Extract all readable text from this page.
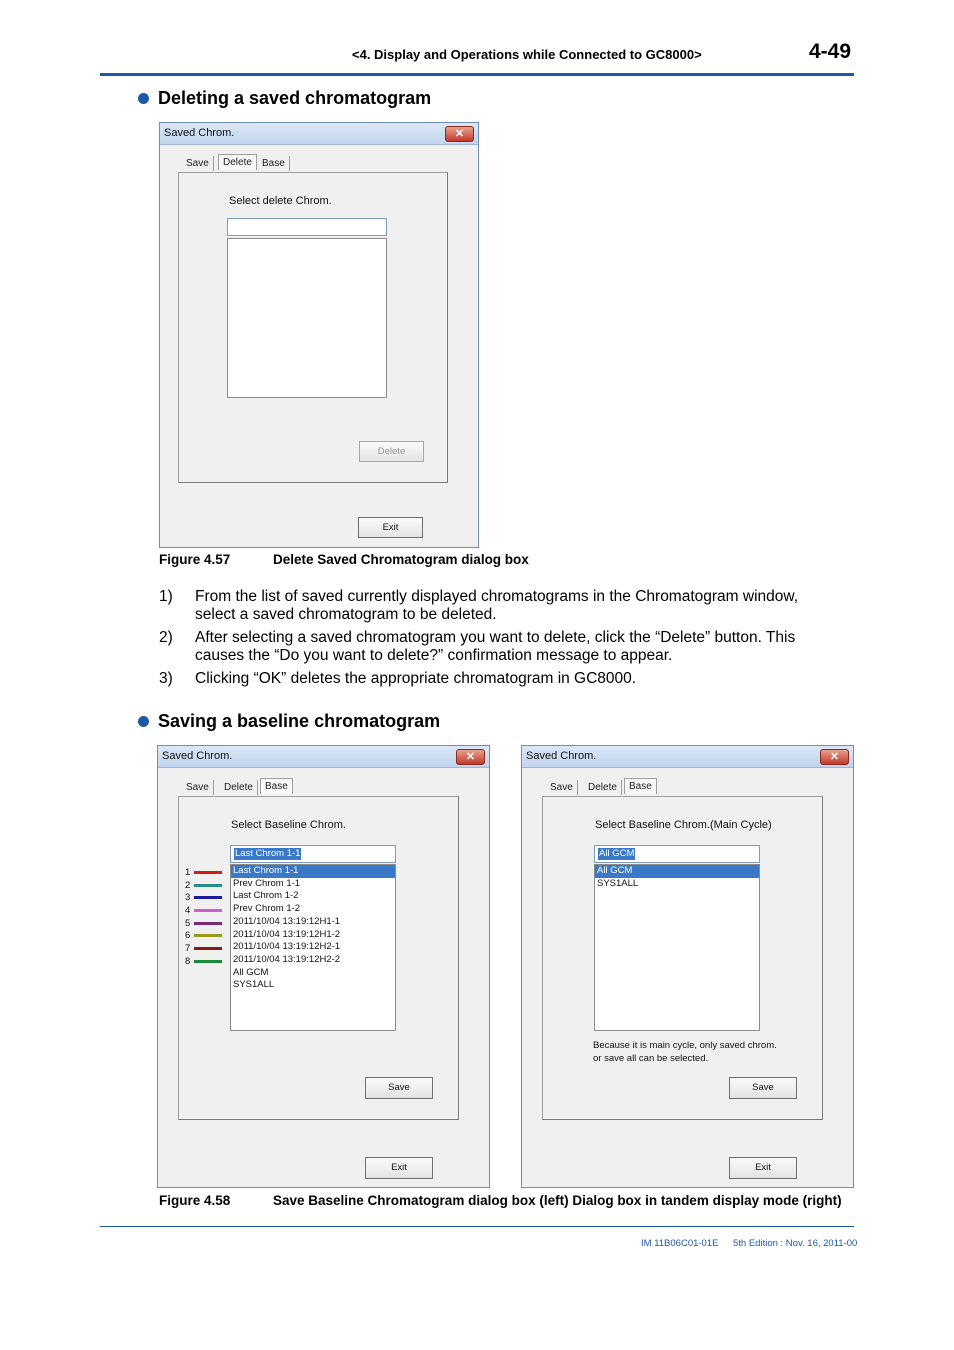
<4. Display and Operations while Connected to GC8000>	4-49
Deleting a saved chromatogram
Saved Chrom.	✕
Save	Delete	Base
Select delete Chrom.
Delete
Exit
Figure 4.57	Delete Saved Chromatogram dialog box
1) From the list of saved currently displayed chromatograms in the Chromatogram window, select a saved chromatogram to be deleted.
2) After selecting a saved chromatogram you want to delete, click the “Delete” button. This causes the “Do you want to delete?” confirmation message to appear.
3) Clicking “OK” deletes the appropriate chromatogram in GC8000.
Saving a baseline chromatogram
Saved Chrom.	✕
Save	Delete	Base
Select Baseline Chrom.
Last Chrom 1-1
Last Chrom 1-1
Prev Chrom 1-1
Last Chrom 1-2
Prev Chrom 1-2
2011/10/04 13:19:12H1-1
2011/10/04 13:19:12H1-2
2011/10/04 13:19:12H2-1
2011/10/04 13:19:12H2-2
All GCM
SYS1ALL
1
2
3
4
5
6
7
8
Save
Exit
Saved Chrom.	✕
Save	Delete	Base
Select Baseline Chrom.(Main Cycle)
All GCM
All GCM
SYS1ALL
Because it is main cycle, only saved chrom.
or save all can be selected.
Save
Exit
Figure 4.58	Save Baseline Chromatogram dialog box (left) Dialog box in tandem display mode (right)
IM 11B06C01-01E 5th Edition : Nov. 16, 2011-00
